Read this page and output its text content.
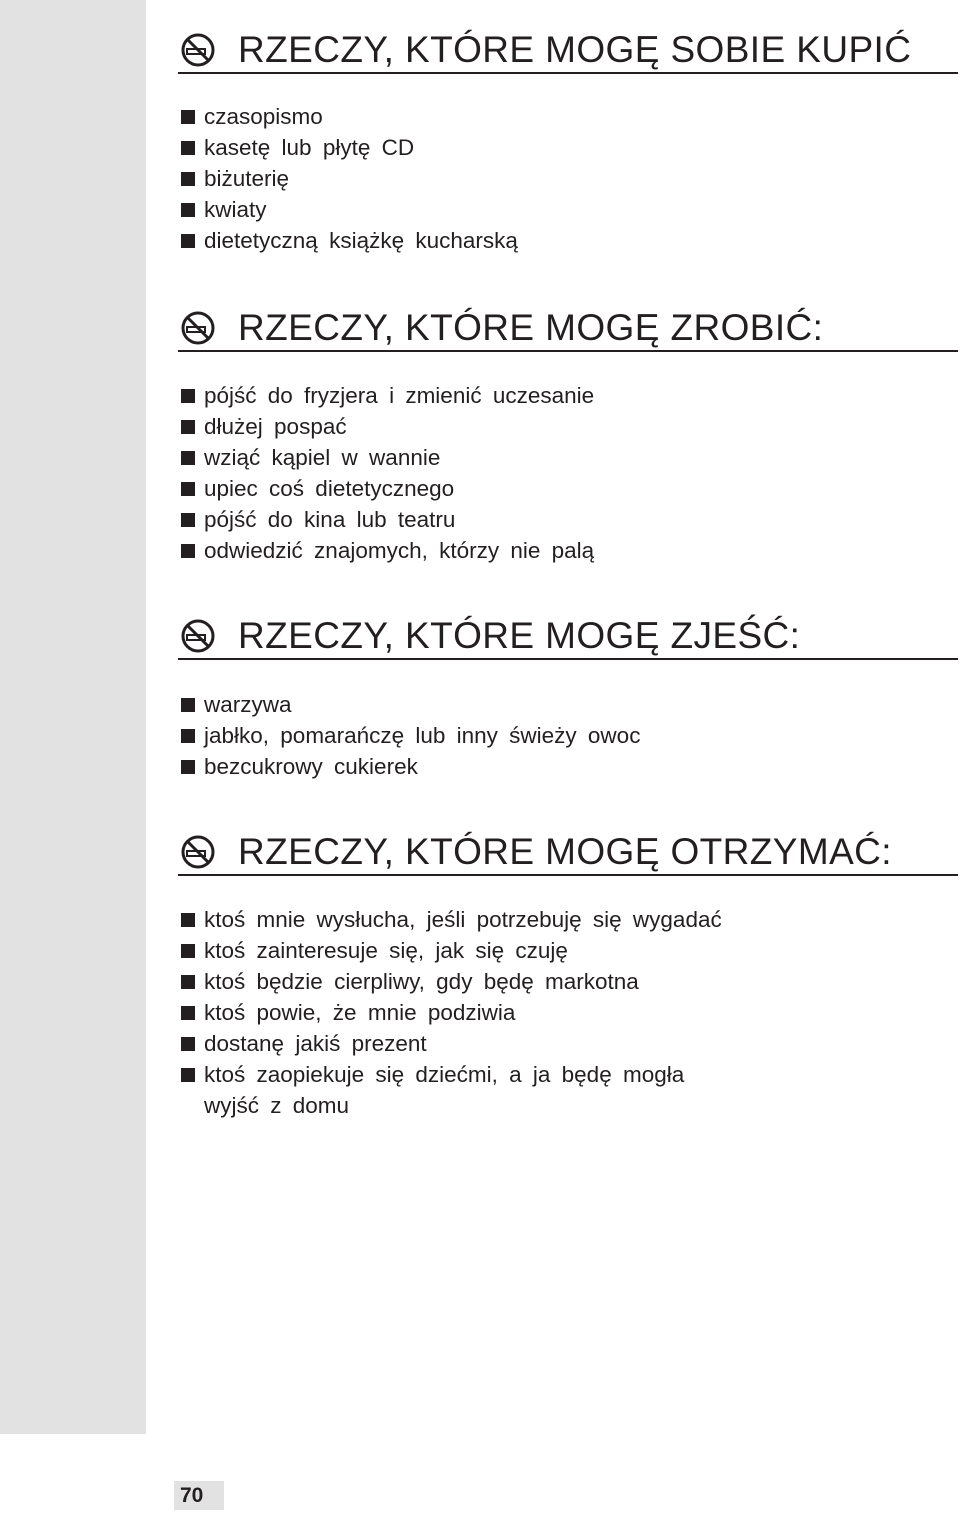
RZECZY, KTÓRE MOGĘ SOBIE KUPIĆ
czasopismo
kasetę lub płytę CD
biżuterię
kwiaty
dietetyczną książkę kucharską
RZECZY, KTÓRE MOGĘ ZROBIĆ:
pójść do fryzjera i zmienić uczesanie
dłużej pospać
wziąć kąpiel w wannie
upiec coś dietetycznego
pójść do kina lub teatru
odwiedzić znajomych, którzy nie palą
RZECZY, KTÓRE MOGĘ ZJEŚĆ:
warzywa
jabłko, pomarańczę lub inny świeży owoc
bezcukrowy cukierek
RZECZY, KTÓRE MOGĘ OTRZYMAĆ:
ktoś mnie wysłucha, jeśli potrzebuję się wygadać
ktoś zainteresuje się, jak się czuję
ktoś będzie cierpliwy, gdy będę markotna
ktoś powie, że mnie podziwia
dostanę jakiś prezent
ktoś zaopiekuje się dziećmi, a ja będę mogła
wyjść z domu
70
